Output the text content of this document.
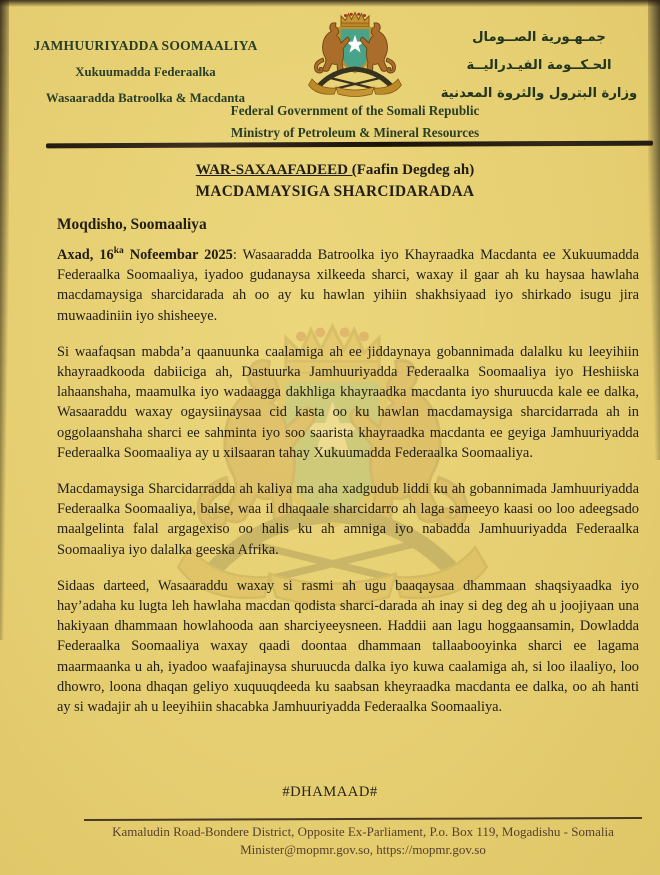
JAMHUURIYADDA SOOMAALIYA
Xukuumadda Federaalka
Wasaaradda Batroolka & Macdanta
جمـهـورية الصــومال
الحـكــومة الفيـدراليــة
وزارة البترول والثروة المعدنية
Federal Government of the Somali Republic
Ministry of Petroleum & Mineral Resources
WAR-SAXAAFADEED (Faafin Degdeg ah)
MACDAMAYSIGA SHARCIDARADAA
Moqdisho, Soomaaliya

Axad, $16^{ka}$ Nofeembar 2025: Wasaaradda Batroolka iyo Khayraadka Macdanta ee Xukuumadda Federaalka Soomaaliya, iyadoo gudanaysa xilkeeda sharci, waxay il gaar ah ku haysaa hawlaha macdamaysiga sharcidarada ah oo ay ku hawlan yihiin shakhsiyaad iyo shirkado isugu jira muwaadiniin iyo shisheeye.

Si waafaqsan mabda’a qaanuunka caalamiga ah ee jiddaynaya gobannimada dalalku ku leeyihiin khayraadkooda dabiiciga ah, Dastuurka Jamhuuriyadda Federaalka Soomaaliya iyo Heshiiska lahaanshaha, maamulka iyo wadaagga dakhliga khayraadka macdanta iyo shuruucda kale ee dalka, Wasaaraddu waxay ogaysiinaysaa cid kasta oo ku hawlan macdamaysiga sharcidarrada ah in oggolaanshaha sharci ee sahminta iyo soo saarista khayraadka macdanta ee geyiga Jamhuuriyadda Federaalka Soomaaliya ay u xilsaaran tahay Xukuumadda Federaalka Soomaaliya.

Macdamaysiga Sharcidarradda ah kaliya ma aha xadgudub liddi ku ah gobannimada Jamhuuriyadda Federaalka Soomaaliya, balse, waa il dhaqaale sharcidarro ah laga sameeyo kaasi oo loo adeegsado maalgelinta falal argagexiso oo halis ku ah amniga iyo nabadda Jamhuuriyadda Federaalka Soomaaliya iyo dalalka geeska Afrika.

Sidaas darteed, Wasaaraddu waxay si rasmi ah ugu baaqaysaa dhammaan shaqsiyaadka iyo hay’adaha ku lugta leh hawlaha macdan qodista sharci-darada ah inay si deg deg ah u joojiyaan una hakiyaan dhammaan howlahooda aan sharciyeeysneen. Haddii aan lagu hoggaansamin, Dowladda Federaalka Soomaaliya waxay qaadi doontaa dhammaan tallaabooyinka sharci ee lagama maarmaanka u ah, iyadoo waafajinaysa shuruucda dalka iyo kuwa caalamiga ah, si loo ilaaliyo, loo dhowro, loona dhaqan geliyo xuquuqdeeda ku saabsan kheyraadka macdanta ee dalka, oo ah hanti ay si wadajir ah u leeyihiin shacabka Jamhuuriyadda Federaalka Soomaaliya.

#DHAMAAD#
Kamaludin Road-Bondere District, Opposite Ex-Parliament, P.o. Box 119, Mogadishu - Somalia
Minister@mopmr.gov.so, https://mopmr.gov.so
